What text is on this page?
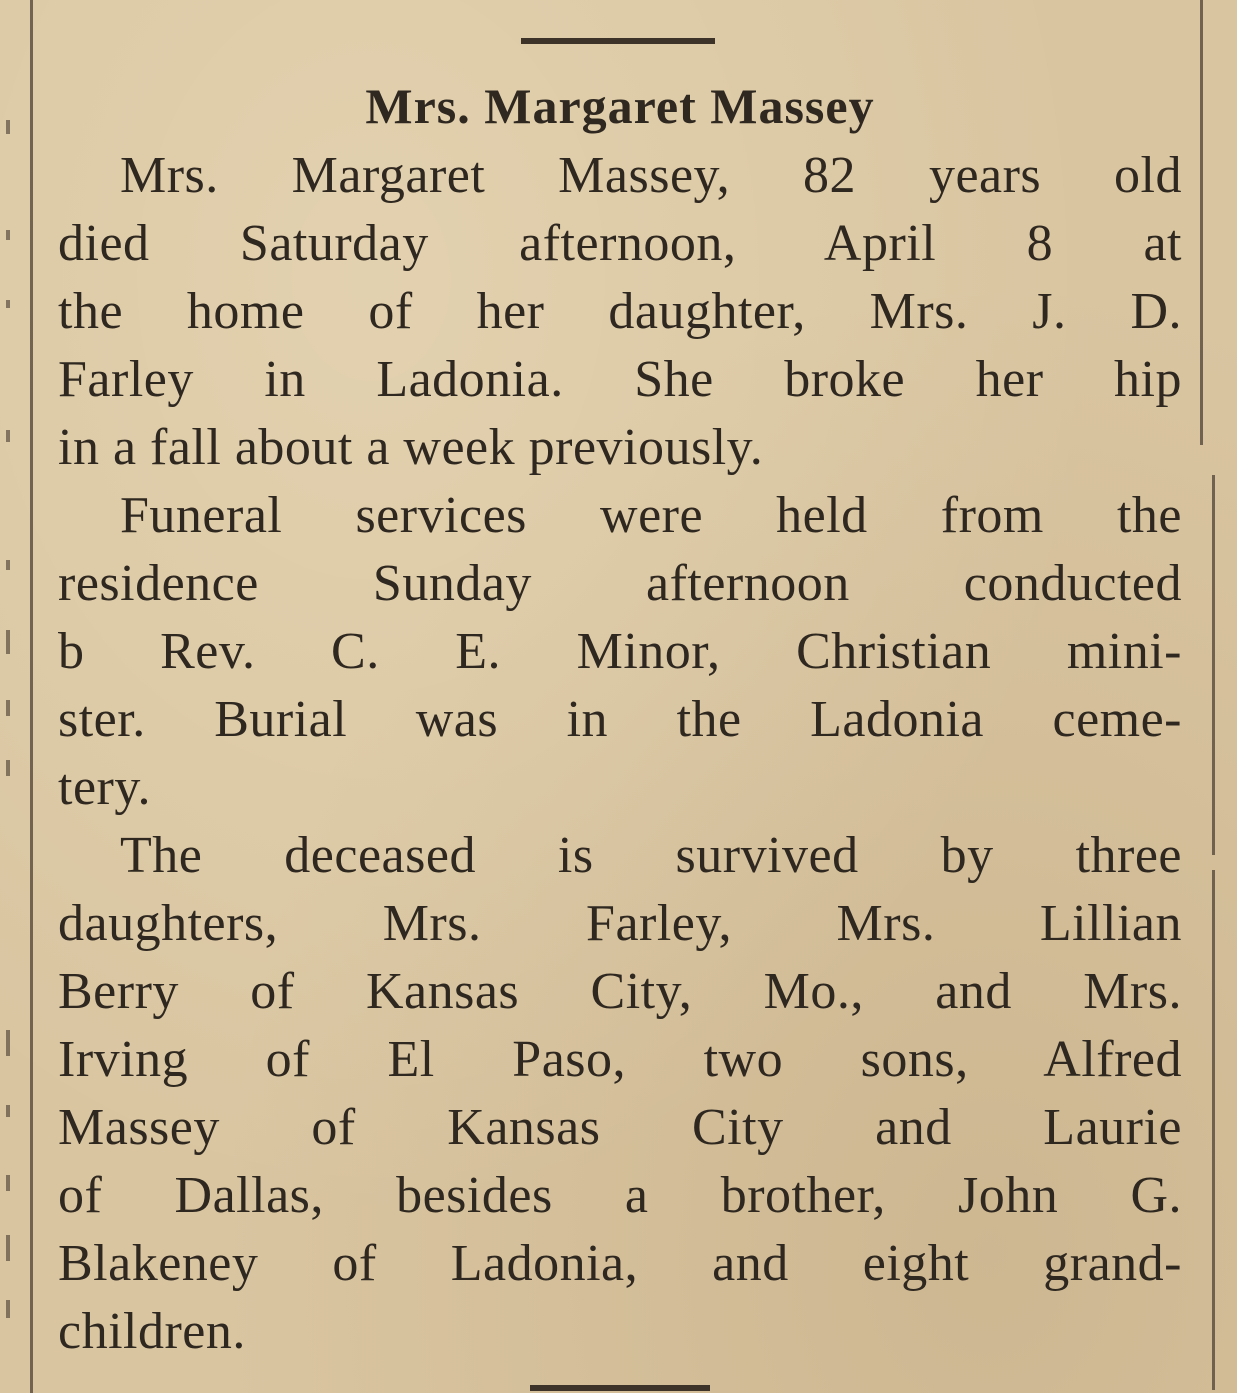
Mrs. Margaret Massey
Mrs. Margaret Massey, 82 years old
died Saturday afternoon, April 8 at
the home of her daughter, Mrs. J. D.
Farley in Ladonia. She broke her hip
in a fall about a week previously.
Funeral services were held from the
residence Sunday afternoon conducted
b Rev. C. E. Minor, Christian mini-
ster. Burial was in the Ladonia ceme-
tery.
The deceased is survived by three
daughters, Mrs. Farley, Mrs. Lillian
Berry of Kansas City, Mo., and Mrs.
Irving of El Paso, two sons, Alfred
Massey of Kansas City and Laurie
of Dallas, besides a brother, John G.
Blakeney of Ladonia, and eight grand-
children.
